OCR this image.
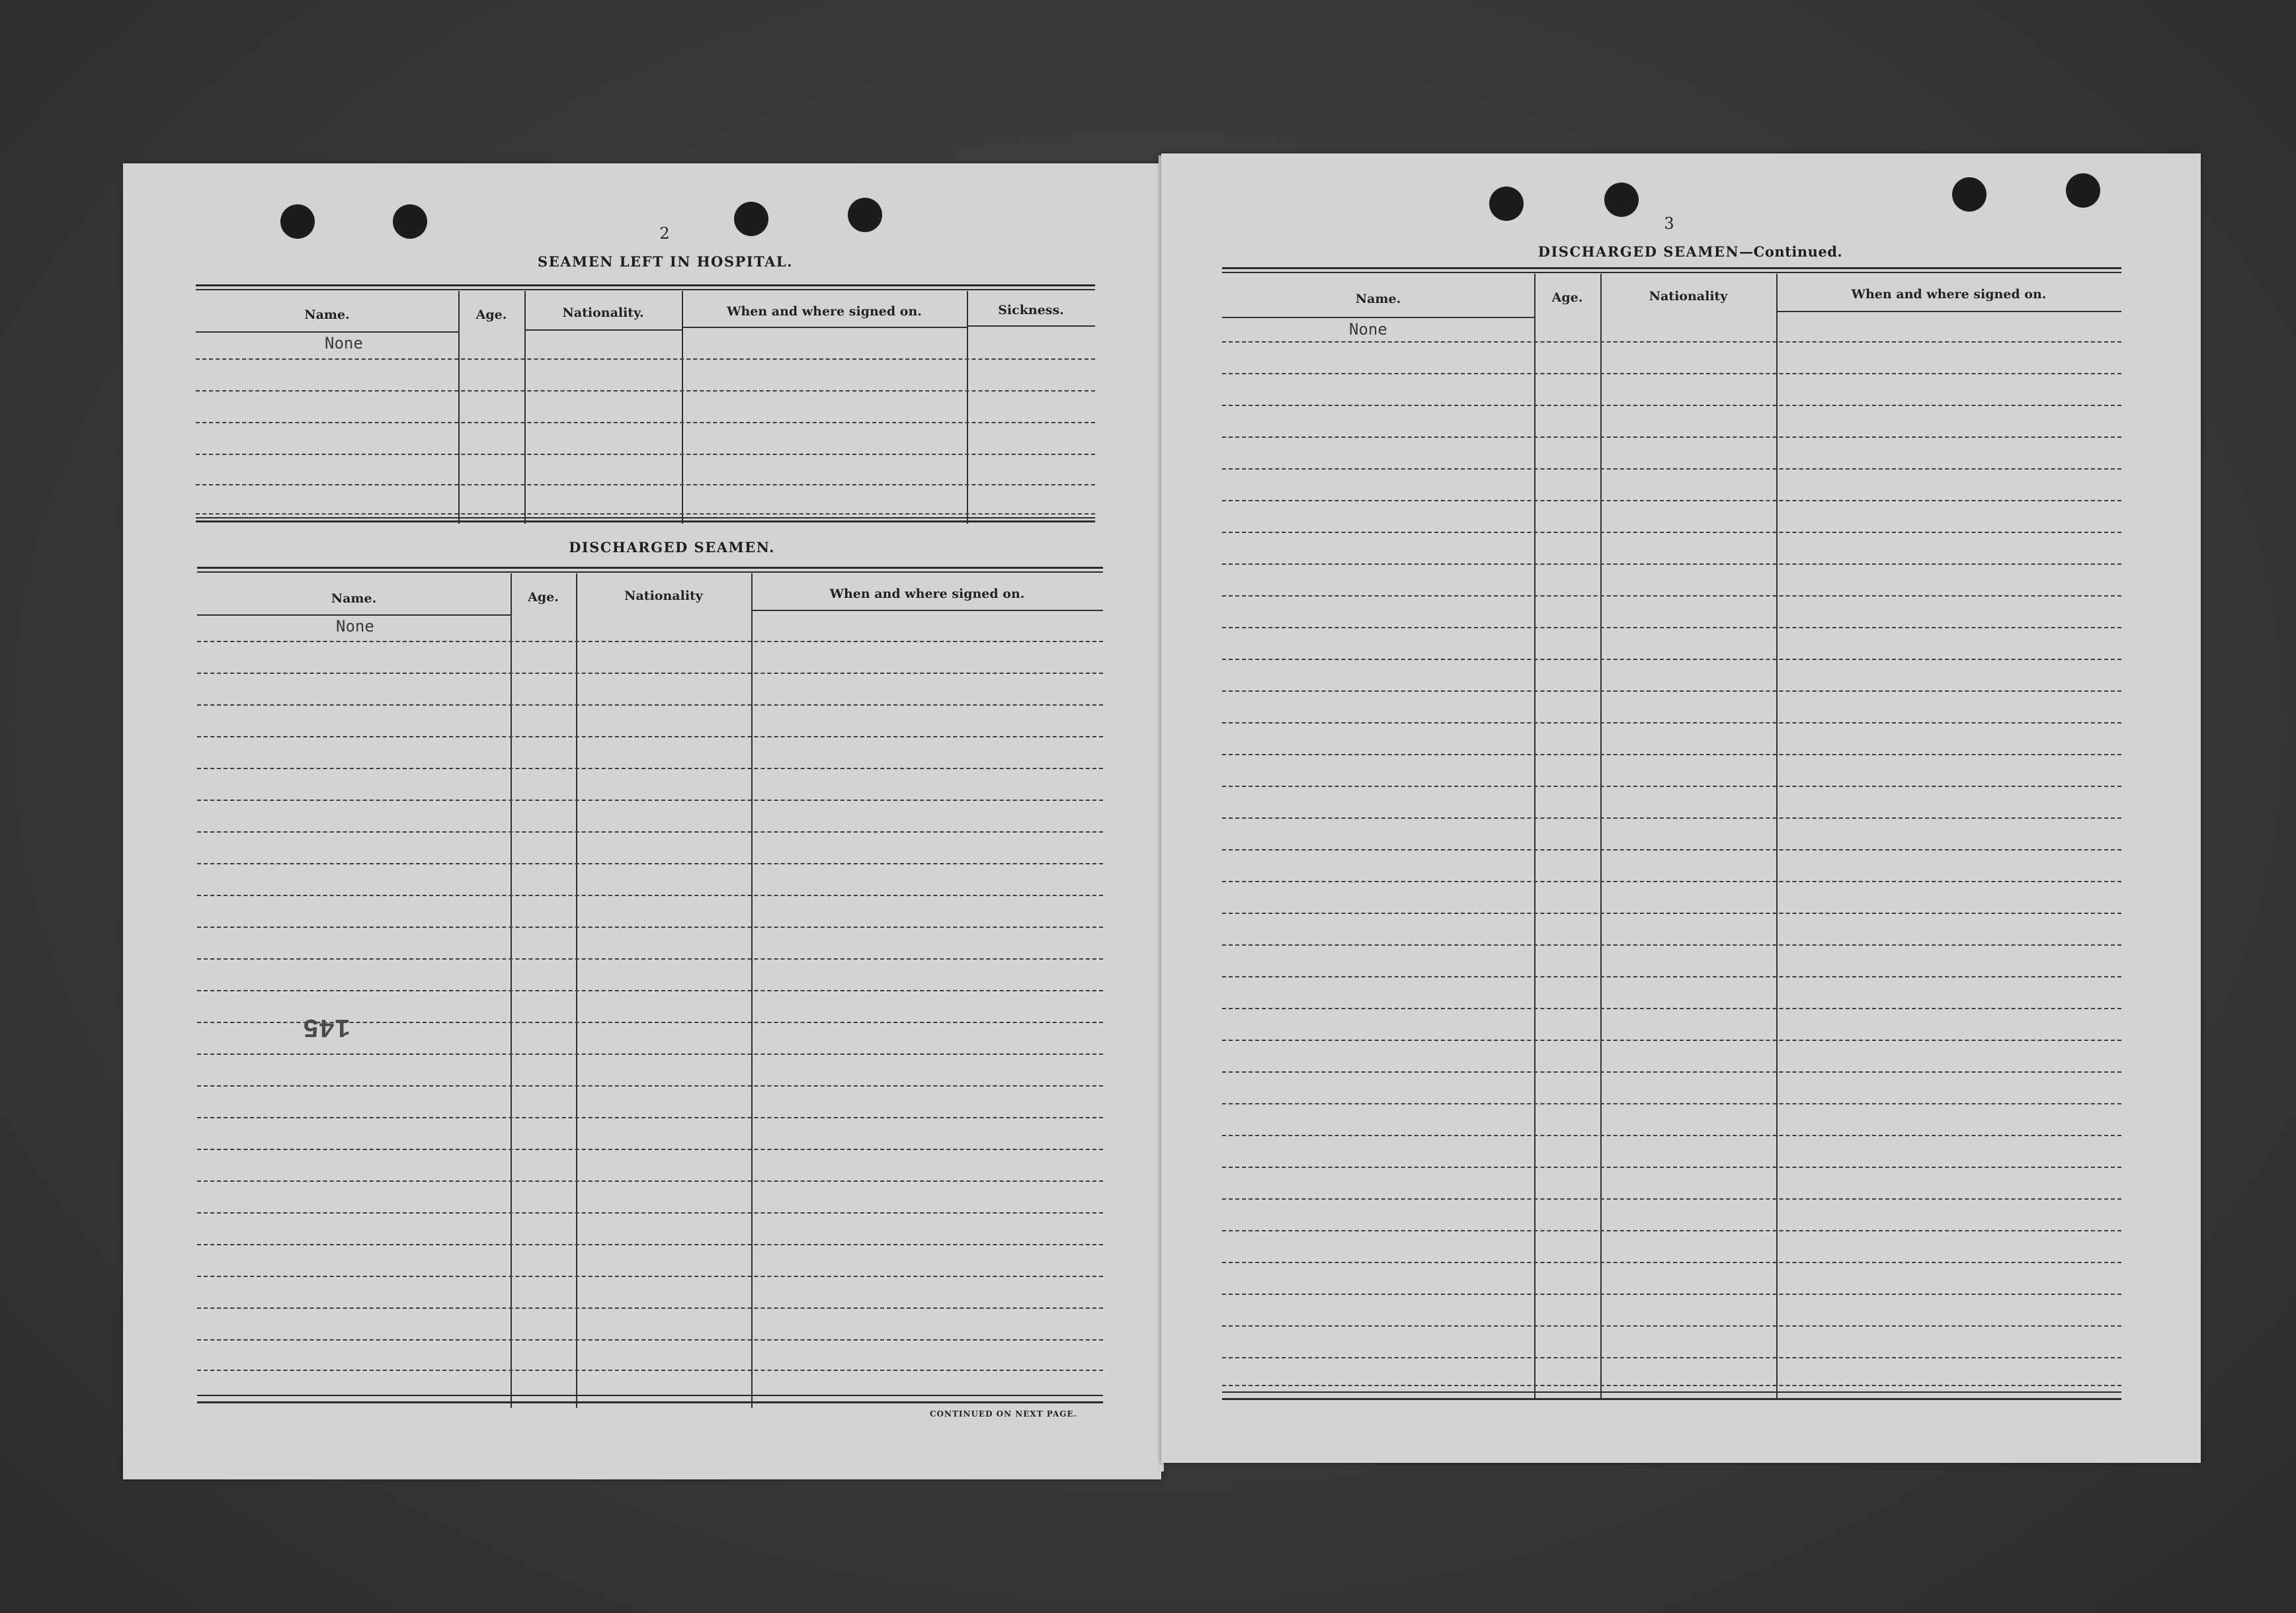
2
SEAMEN LEFT IN HOSPITAL.
Name.	Age.	Nationality.	When and where signed on.	Sickness.
None
DISCHARGED SEAMEN.
Name.	Age.	Nationality	When and where signed on.
None
145
CONTINUED ON NEXT PAGE.
3
DISCHARGED SEAMEN—Continued.
Name.	Age.	Nationality	When and where signed on.
None
